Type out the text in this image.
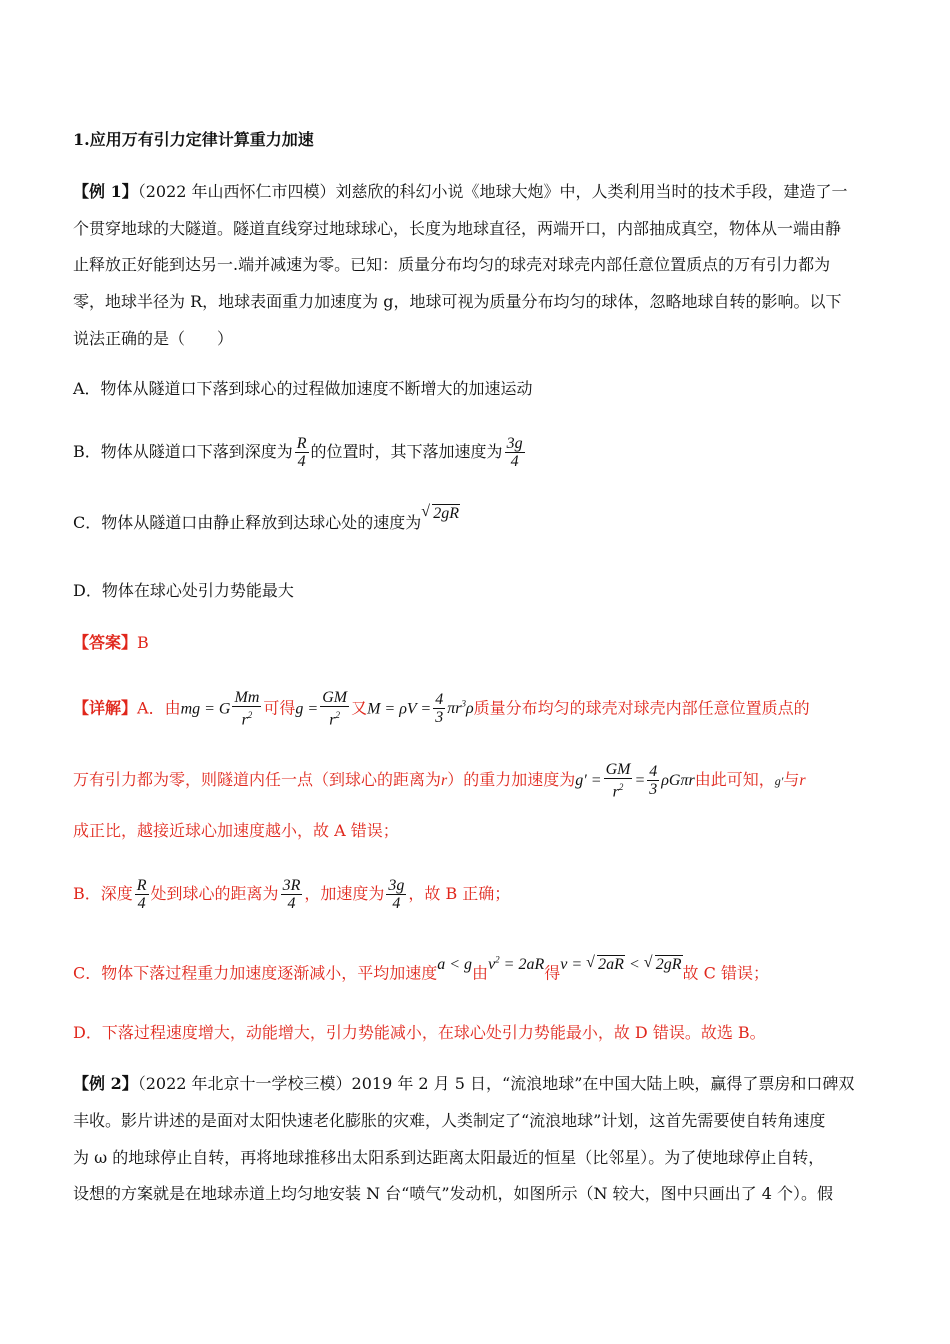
1.应用万有引力定律计算重力加速
【例 1】（2022 年山西怀仁市四模）刘慈欣的科幻小说《地球大炮》中，人类利用当时的技术手段，建造了一
个贯穿地球的大隧道。隧道直线穿过地球球心，长度为地球直径，两端开口，内部抽成真空，物体从一端由静
止释放正好能到达另一.端并减速为零。已知：质量分布均匀的球壳对球壳内部任意位置质点的万有引力都为
零，地球半径为 R，地球表面重力加速度为 g，地球可视为质量分布均匀的球体，忽略地球自转的影响。以下
说法正确的是（　　）
A．物体从隧道口下落到球心的过程做加速度不断增大的加速运动
B．物体从隧道口下落到深度为 $\frac{R}{4}$ 的位置时，其下落加速度为 $\frac{3g}{4}$
C．物体从隧道口由静止释放到达球心处的速度为
√ 2gR
D．物体在球心处引力势能最大
【答案】B
【详解】A．由mg = G $\frac{Mm}{r^2}$ 可得$g = \frac{GM}{r^2}$ 又$M = \rho V = \frac{4}{3} \pi r^3\rho$质量分布均匀的球壳对球壳内部任意位置质点的
万有引力都为零，则隧道内任一点（到球心的距离为r）的重力加速度为$g' = \frac{GM}{r^2} = \frac{4}{3}$ ρGπr由此可知，g′与r
成正比，越接近球心加速度越小，故 A 错误；
B．深度 $\frac{R}{4}$ 处到球心的距离为 $\frac{3R}{4}$ ，加速度为 $\frac{3g}{4}$ ，故 B 正确；
C．物体下落过程重力加速度逐渐减小，平均加速度a < g由$v^2 = 2aR$得v = √ 2aR < √ 2gR故 C 错误；
D．下落过程速度增大，动能增大，引力势能减小，在球心处引力势能最小，故 D 错误。故选 B。
【例 2】（2022 年北京十一学校三模）2019 年 2 月 5 日，“流浪地球”在中国大陆上映，赢得了票房和口碑双
丰收。影片讲述的是面对太阳快速老化膨胀的灾难，人类制定了“流浪地球”计划，这首先需要使自转角速度
为 ω 的地球停止自转，再将地球推移出太阳系到达距离太阳最近的恒星（比邻星）。为了使地球停止自转，
设想的方案就是在地球赤道上均匀地安装 N 台“喷气”发动机，如图所示（N 较大，图中只画出了 4 个）。假
